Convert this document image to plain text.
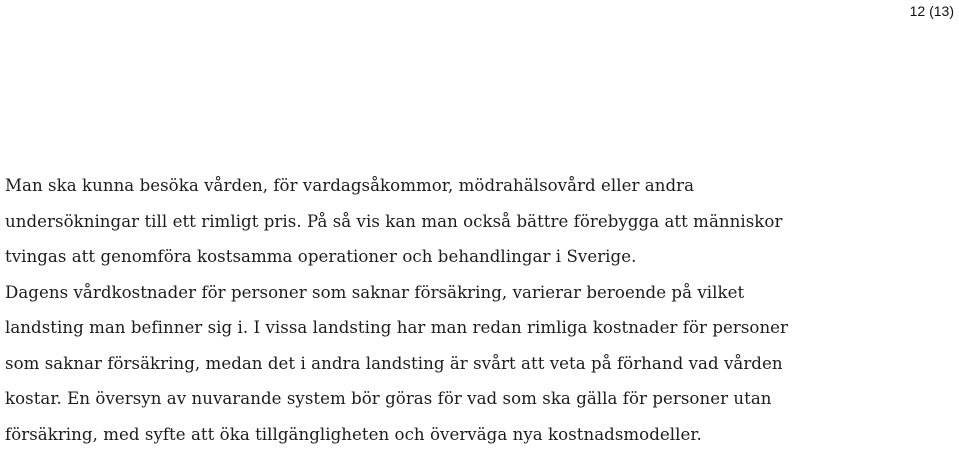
12 (13)

Man ska kunna besöka vården, för vardagsåkommor, mödrahälsovård eller andra
undersökningar till ett rimligt pris. På så vis kan man också bättre förebygga att människor
tvingas att genomföra kostsamma operationer och behandlingar i Sverige.

Dagens vårdkostnader för personer som saknar försäkring, varierar beroende på vilket
landsting man befinner sig i. I vissa landsting har man redan rimliga kostnader för personer
som saknar försäkring, medan det i andra landsting är svårt att veta på förhand vad vården
kostar. En översyn av nuvarande system bör göras för vad som ska gälla för personer utan
försäkring, med syfte att öka tillgängligheten och överväga nya kostnadsmodeller.
